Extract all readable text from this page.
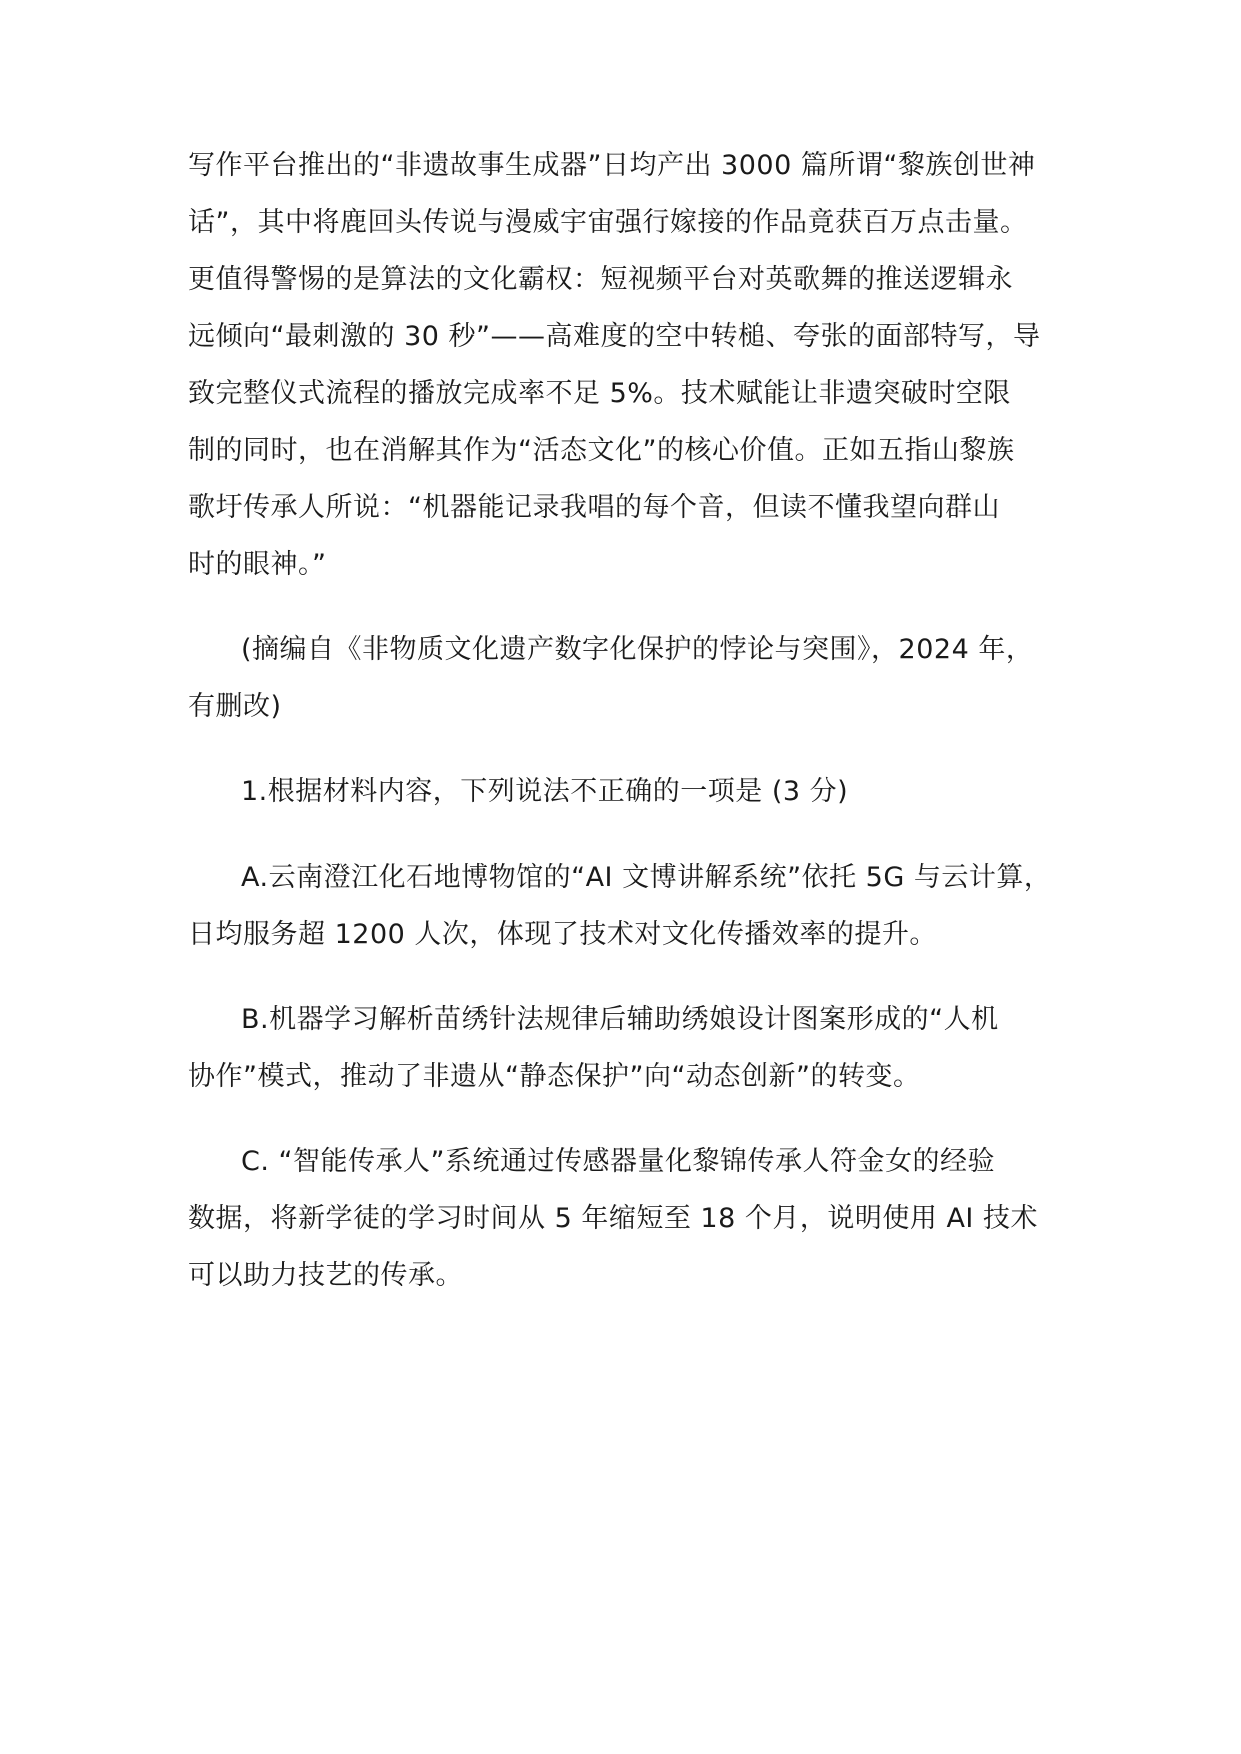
写作平台推出的“非遗故事生成器”日均产出 3000 篇所谓“黎族创世神
话”，其中将鹿回头传说与漫威宇宙强行嫁接的作品竟获百万点击量。
更值得警惕的是算法的文化霸权：短视频平台对英歌舞的推送逻辑永
远倾向“最刺激的 30 秒”——高难度的空中转槌、夸张的面部特写，导
致完整仪式流程的播放完成率不足 5%。技术赋能让非遗突破时空限
制的同时，也在消解其作为“活态文化”的核心价值。正如五指山黎族
歌圩传承人所说：“机器能记录我唱的每个音，但读不懂我望向群山
时的眼神。”
(摘编自《非物质文化遗产数字化保护的悖论与突围》，2024 年，
有删改)
1.根据材料内容，下列说法不正确的一项是 (3 分)
A.云南澄江化石地博物馆的“AI 文博讲解系统”依托 5G 与云计算，
日均服务超 1200 人次，体现了技术对文化传播效率的提升。
B.机器学习解析苗绣针法规律后辅助绣娘设计图案形成的“人机
协作”模式，推动了非遗从“静态保护”向“动态创新”的转变。
C. “智能传承人”系统通过传感器量化黎锦传承人符金女的经验
数据，将新学徒的学习时间从 5 年缩短至 18 个月，说明使用 AI 技术
可以助力技艺的传承。
